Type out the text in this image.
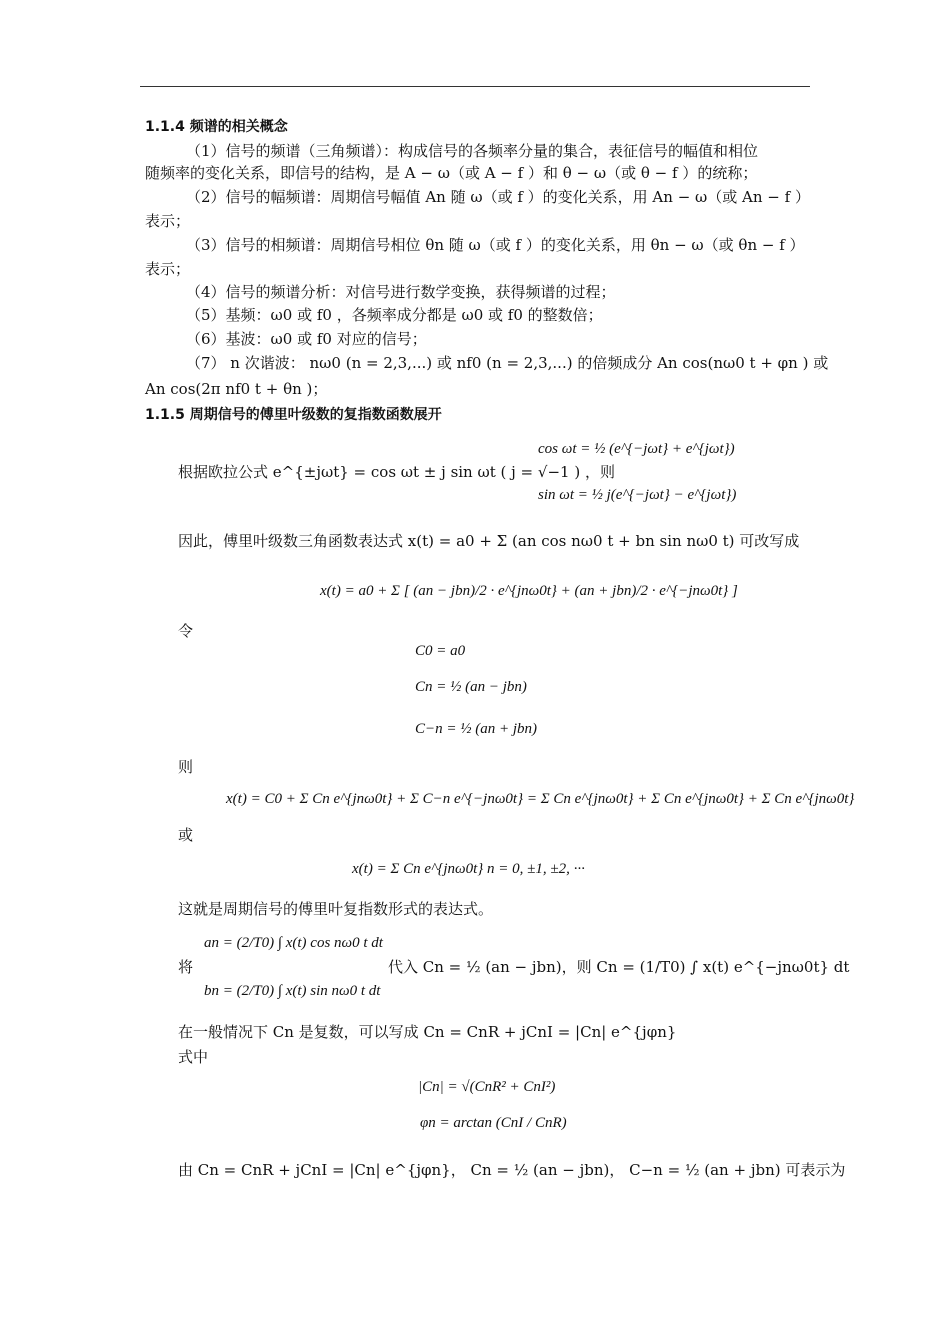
1.1.4 频谱的相关概念
（1）信号的频谱（三角频谱）：构成信号的各频率分量的集合，表征信号的幅值和相位
随频率的变化关系，即信号的结构，是 A − ω（或 A − f ）和 θ − ω（或 θ − f ）的统称；
（2）信号的幅频谱：周期信号幅值 An 随 ω（或 f ）的变化关系，用 An − ω（或 An − f ）
表示；
（3）信号的相频谱：周期信号相位 θn 随 ω（或 f ）的变化关系，用 θn − ω（或 θn − f ）
表示；
（4）信号的频谱分析：对信号进行数学变换，获得频谱的过程；
（5）基频：ω0 或 f0 ，各频率成分都是 ω0 或 f0 的整数倍；
（6）基波：ω0 或 f0 对应的信号；
（7） n 次谐波： nω0 (n = 2,3,...) 或 nf0 (n = 2,3,...) 的倍频成分 An cos(nω0 t + φn ) 或
An cos(2π nf0 t + θn )；
1.1.5 周期信号的傅里叶级数的复指数函数展开
根据欧拉公式 e^{±jωt} = cos ωt ± j sin ωt ( j = √−1 ) ，则
cos ωt = ½ (e^{−jωt} + e^{jωt})
sin ωt = ½ j(e^{−jωt} − e^{jωt})
因此，傅里叶级数三角函数表达式 x(t) = a0 + Σ (an cos nω0 t + bn sin nω0 t) 可改写成
x(t) = a0 + Σ [ (an − jbn)/2 · e^{jnω0t} + (an + jbn)/2 · e^{−jnω0t} ]
令
C0 = a0
Cn = ½ (an − jbn)
C−n = ½ (an + jbn)
则
x(t) = C0 + Σ Cn e^{jnω0t} + Σ C−n e^{−jnω0t} = Σ Cn e^{jnω0t} + Σ Cn e^{jnω0t} + Σ Cn e^{jnω0t}
或
x(t) = Σ Cn e^{jnω0t} n = 0, ±1, ±2, ···
这就是周期信号的傅里叶复指数形式的表达式。
将
an = (2/T0) ∫ x(t) cos nω0 t dt
bn = (2/T0) ∫ x(t) sin nω0 t dt
代入 Cn = ½ (an − jbn)，则 Cn = (1/T0) ∫ x(t) e^{−jnω0t} dt
在一般情况下 Cn 是复数，可以写成 Cn = CnR + jCnI = |Cn| e^{jφn}
式中
|Cn| = √(CnR² + CnI²)
φn = arctan (CnI / CnR)
由 Cn = CnR + jCnI = |Cn| e^{jφn}， Cn = ½ (an − jbn)， C−n = ½ (an + jbn) 可表示为
